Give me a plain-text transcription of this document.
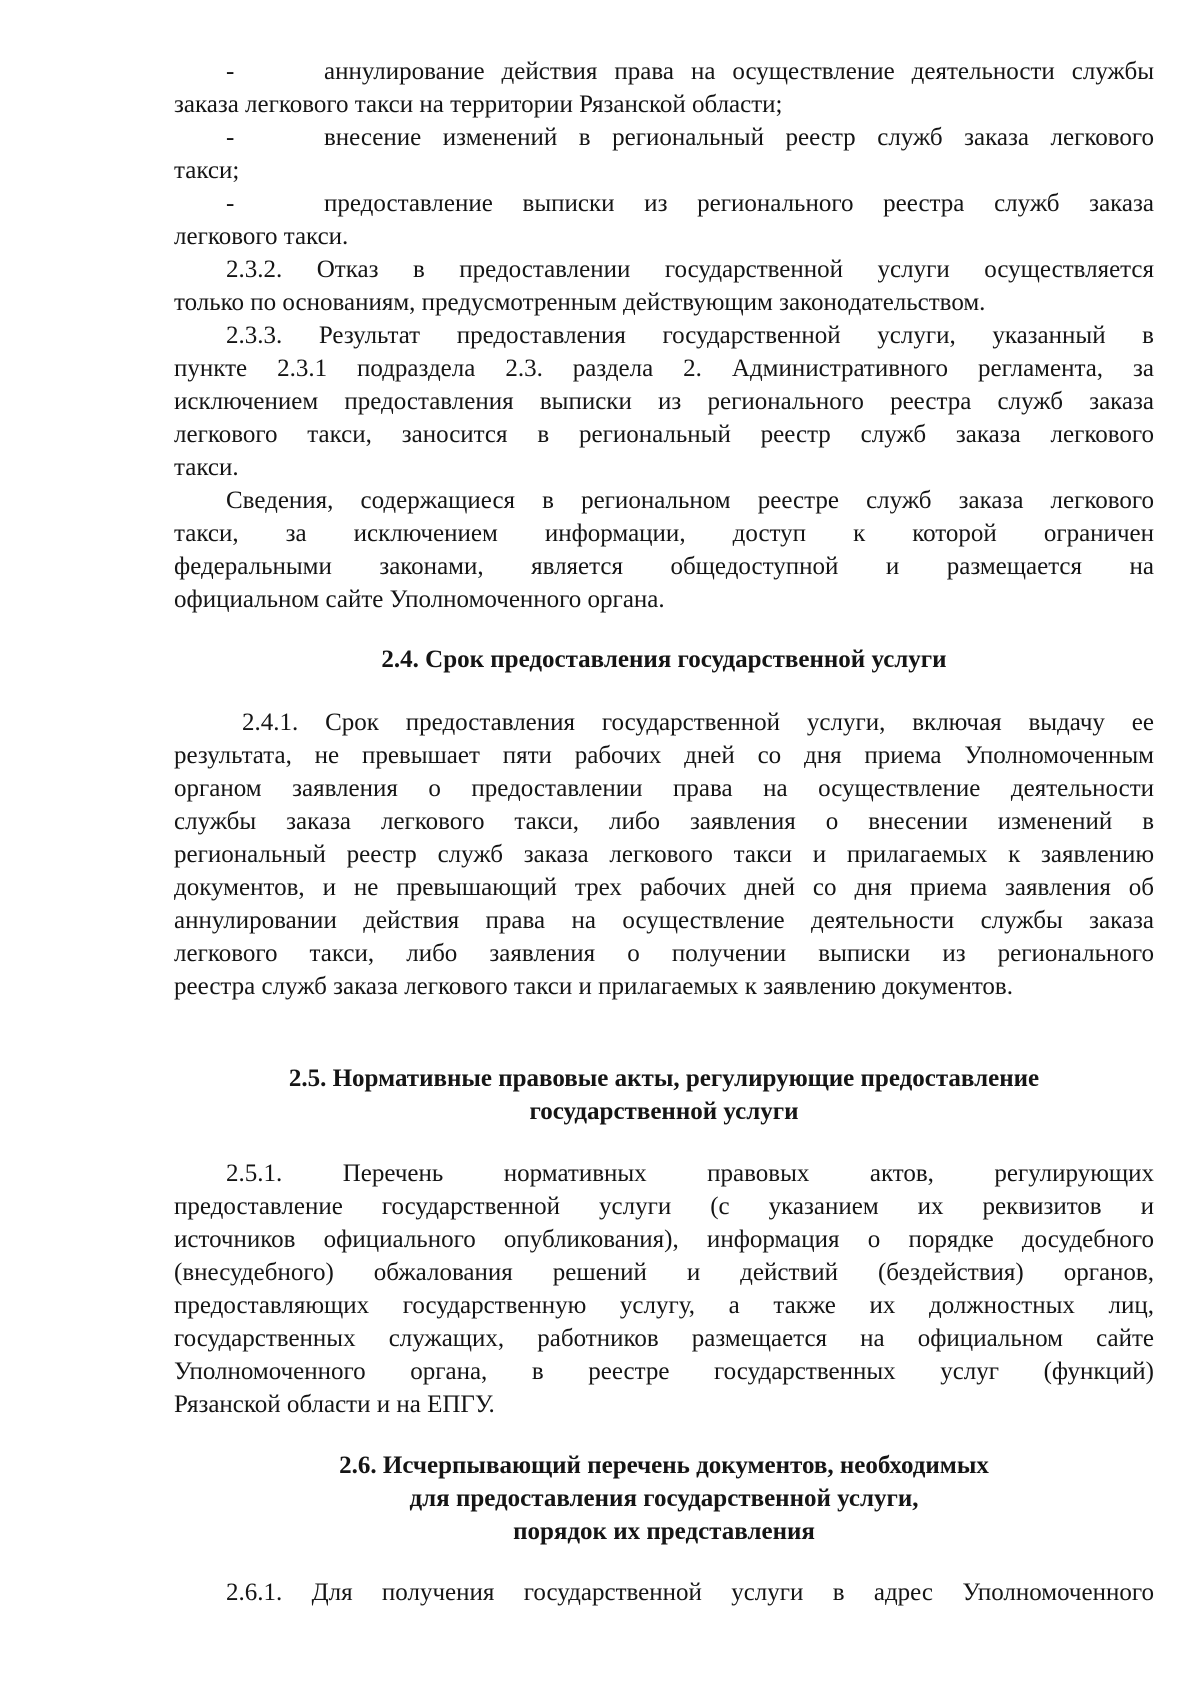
-	аннулирование действия права на осуществление деятельности службы
заказа легкового такси на территории Рязанской области;
-	внесение изменений в региональный реестр служб заказа легкового
такси;
-	предоставление выписки из регионального реестра служб заказа
легкового такси.
2.3.2. Отказ в предоставлении государственной услуги осуществляется
только по основаниям, предусмотренным действующим законодательством.
2.3.3. Результат предоставления государственной услуги, указанный в
пункте 2.3.1 подраздела 2.3. раздела 2. Административного регламента, за
исключением предоставления выписки из регионального реестра служб заказа
легкового такси, заносится в региональный реестр служб заказа легкового
такси.
Сведения, содержащиеся в региональном реестре служб заказа легкового
такси, за исключением информации, доступ к которой ограничен
федеральными законами, является общедоступной и размещается на
официальном сайте Уполномоченного органа.
2.4. Срок предоставления государственной услуги
2.4.1. Срок предоставления государственной услуги, включая выдачу ее
результата, не превышает пяти рабочих дней со дня приема Уполномоченным
органом заявления о предоставлении права на осуществление деятельности
службы заказа легкового такси, либо заявления о внесении изменений в
региональный реестр служб заказа легкового такси и прилагаемых к заявлению
документов, и не превышающий трех рабочих дней со дня приема заявления об
аннулировании действия права на осуществление деятельности службы заказа
легкового такси, либо заявления о получении выписки из регионального
реестра служб заказа легкового такси и прилагаемых к заявлению документов.
2.5. Нормативные правовые акты, регулирующие предоставление
государственной услуги
2.5.1. Перечень нормативных правовых актов, регулирующих
предоставление государственной услуги (с указанием их реквизитов и
источников официального опубликования), информация о порядке досудебного
(внесудебного) обжалования решений и действий (бездействия) органов,
предоставляющих государственную услугу, а также их должностных лиц,
государственных служащих, работников размещается на официальном сайте
Уполномоченного органа, в реестре государственных услуг (функций)
Рязанской области и на ЕПГУ.
2.6. Исчерпывающий перечень документов, необходимых
для предоставления государственной услуги,
порядок их представления
2.6.1. Для получения государственной услуги в адрес Уполномоченного
